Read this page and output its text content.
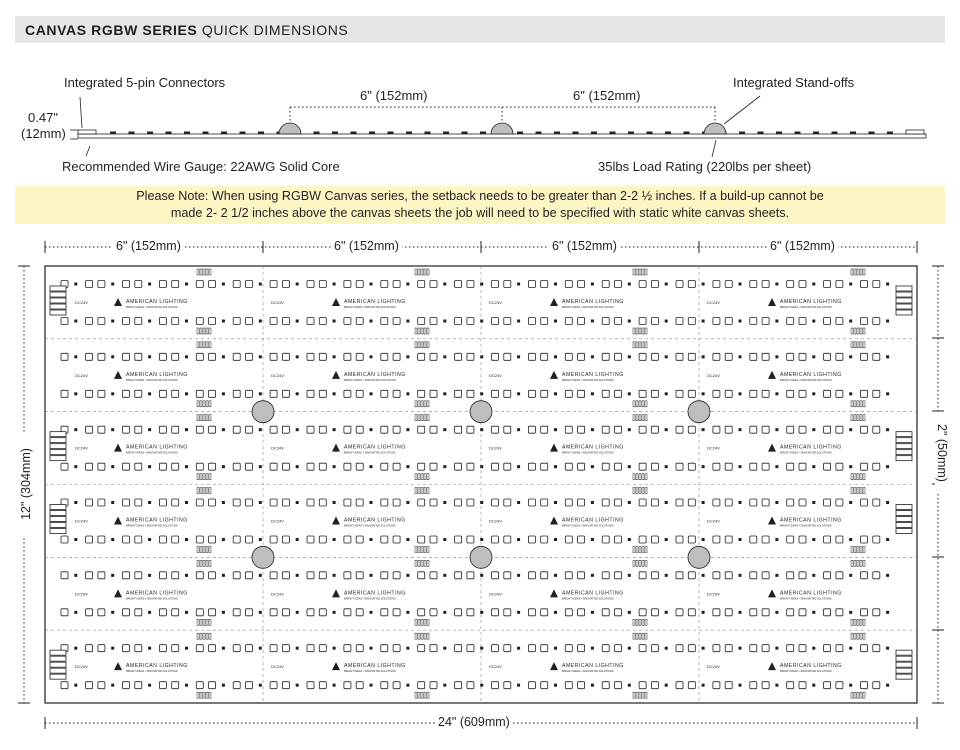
CANVAS RGBW SERIES QUICK DIMENSIONS
Integrated 5-pin Connectors	Integrated Stand-offs
0.47"
(12mm)
6" (152mm)	6" (152mm)
Recommended Wire Gauge: 22AWG Solid Core	35lbs Load Rating (220lbs per sheet)
Please Note: When using RGBW Canvas series, the setback needs to be greater than 2-2 ½ inches. If a build-up cannot be
made 2- 2 1/2 inches above the canvas sheets the job will need to be specified with static white canvas sheets.
6" (152mm)	6" (152mm)	6" (152mm)	6" (152mm)
24" (609mm)
12" (304mm)	2" (50mm)
AMERICAN LIGHTING
BRIGHT IDEAS • INNOVATIVE SOLUTIONS
DC24V	AMERICAN LIGHTING
BRIGHT IDEAS • INNOVATIVE SOLUTIONS
DC24V	AMERICAN LIGHTING
BRIGHT IDEAS • INNOVATIVE SOLUTIONS
DC24V	AMERICAN LIGHTING
BRIGHT IDEAS • INNOVATIVE SOLUTIONS
DC24V
AMERICAN LIGHTING
BRIGHT IDEAS • INNOVATIVE SOLUTIONS
DC24V	AMERICAN LIGHTING
BRIGHT IDEAS • INNOVATIVE SOLUTIONS
DC24V	AMERICAN LIGHTING
BRIGHT IDEAS • INNOVATIVE SOLUTIONS
DC24V	AMERICAN LIGHTING
BRIGHT IDEAS • INNOVATIVE SOLUTIONS
DC24V
AMERICAN LIGHTING
BRIGHT IDEAS • INNOVATIVE SOLUTIONS
DC24V	AMERICAN LIGHTING
BRIGHT IDEAS • INNOVATIVE SOLUTIONS
DC24V	AMERICAN LIGHTING
BRIGHT IDEAS • INNOVATIVE SOLUTIONS
DC24V	AMERICAN LIGHTING
BRIGHT IDEAS • INNOVATIVE SOLUTIONS
DC24V
AMERICAN LIGHTING
BRIGHT IDEAS • INNOVATIVE SOLUTIONS
DC24V	AMERICAN LIGHTING
BRIGHT IDEAS • INNOVATIVE SOLUTIONS
DC24V	AMERICAN LIGHTING
BRIGHT IDEAS • INNOVATIVE SOLUTIONS
DC24V	AMERICAN LIGHTING
BRIGHT IDEAS • INNOVATIVE SOLUTIONS
DC24V
AMERICAN LIGHTING
BRIGHT IDEAS • INNOVATIVE SOLUTIONS
DC24V	AMERICAN LIGHTING
BRIGHT IDEAS • INNOVATIVE SOLUTIONS
DC24V	AMERICAN LIGHTING
BRIGHT IDEAS • INNOVATIVE SOLUTIONS
DC24V	AMERICAN LIGHTING
BRIGHT IDEAS • INNOVATIVE SOLUTIONS
DC24V
AMERICAN LIGHTING
BRIGHT IDEAS • INNOVATIVE SOLUTIONS
DC24V	AMERICAN LIGHTING
BRIGHT IDEAS • INNOVATIVE SOLUTIONS
DC24V	AMERICAN LIGHTING
BRIGHT IDEAS • INNOVATIVE SOLUTIONS
DC24V	AMERICAN LIGHTING
BRIGHT IDEAS • INNOVATIVE SOLUTIONS
DC24V
